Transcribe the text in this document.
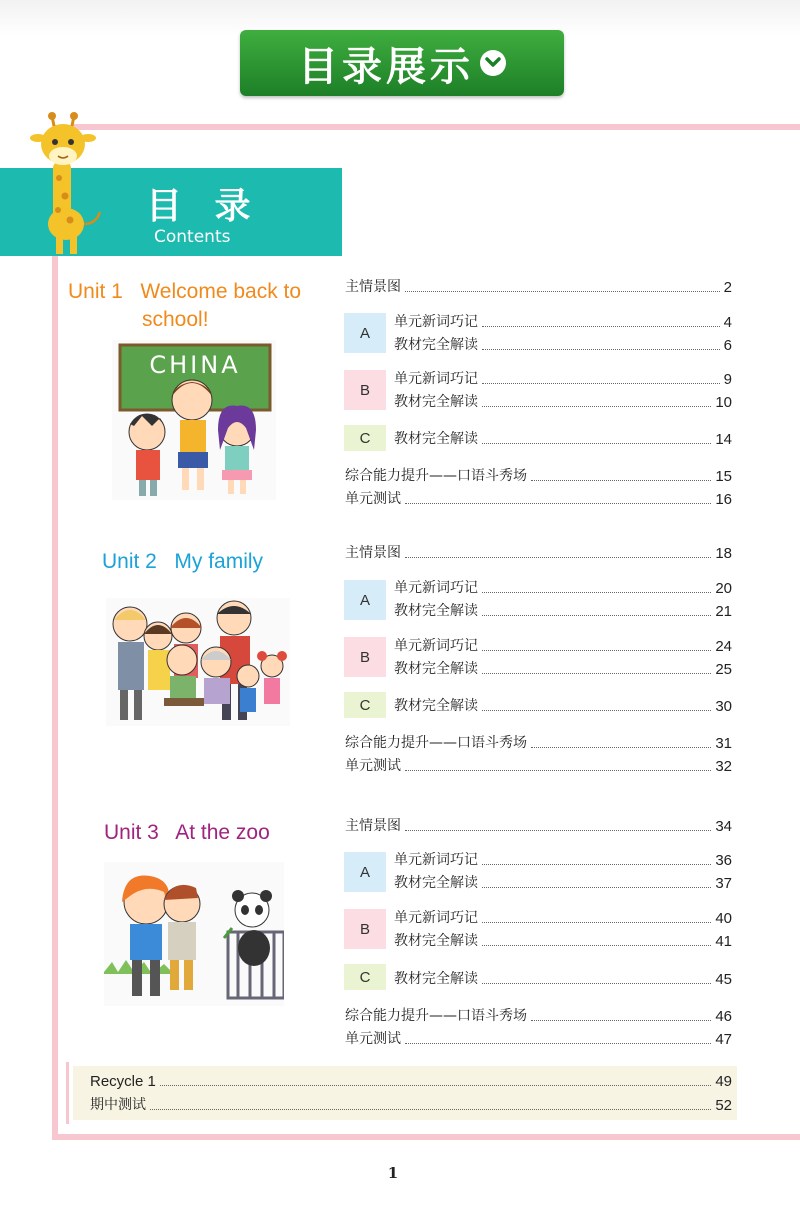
目录展示
目 录
Contents
Unit 1   Welcome back to
school!
CHINA
主情景图	2
A
单元新词巧记	4
教材完全解读	6
B
单元新词巧记	9
教材完全解读	10
C	教材完全解读	14
综合能力提升——口语斗秀场	15
单元测试	16
Unit 2   My family	主情景图	18
A
单元新词巧记	20
教材完全解读	21
B
单元新词巧记	24
教材完全解读	25
C	教材完全解读	30
综合能力提升——口语斗秀场	31
单元测试	32
Unit 3   At the zoo	主情景图	34
A
单元新词巧记	36
教材完全解读	37
B
单元新词巧记	40
教材完全解读	41
C	教材完全解读	45
综合能力提升——口语斗秀场	46
单元测试	47
Recycle 1	49
期中测试	52
1
